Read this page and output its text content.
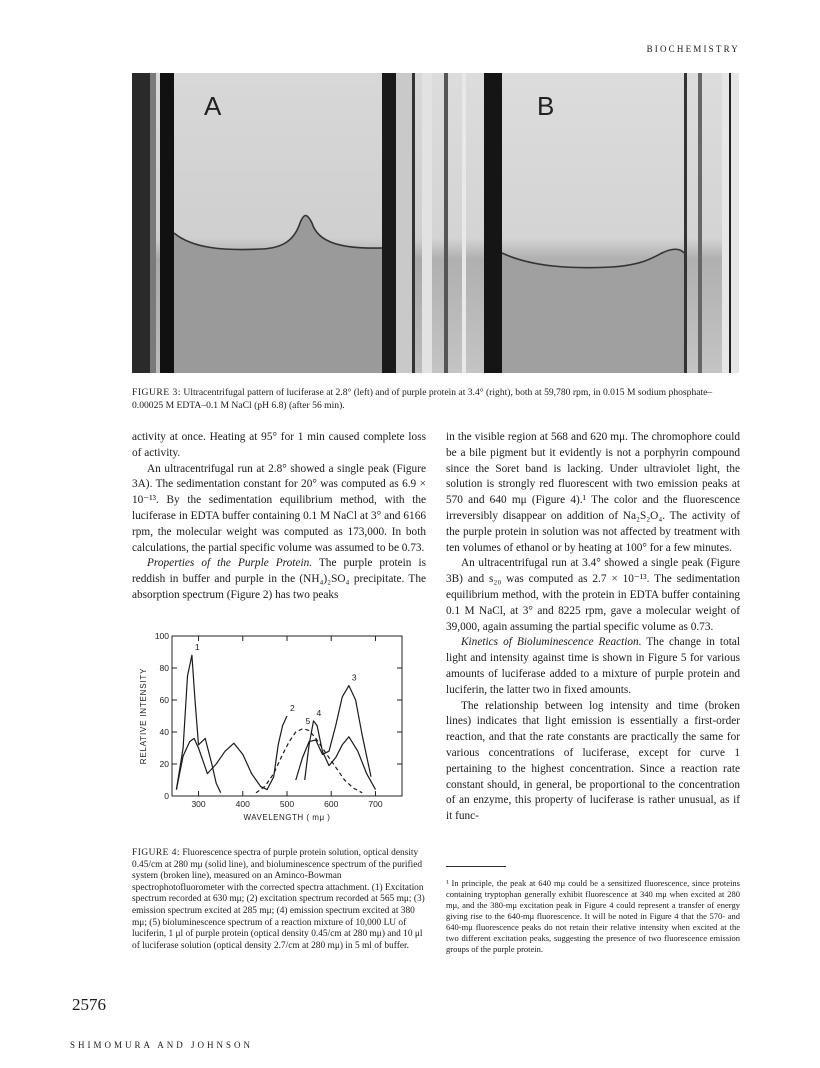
BIOCHEMISTRY
A	B
FIGURE 3: Ultracentrifugal pattern of luciferase at 2.8° (left) and of purple protein at 3.4° (right), both at 59,780 rpm, in 0.015 M sodium phosphate–0.00025 M EDTA–0.1 M NaCl (pH 6.8) (after 56 min).

activity at once. Heating at 95° for 1 min caused complete loss of activity.

An ultracentrifugal run at 2.8° showed a single peak (Figure 3A). The sedimentation constant for 20° was computed as 6.9 × 10⁻¹³. By the sedimentation equilibrium method, with the luciferase in EDTA buffer containing 0.1 M NaCl at 3° and 6166 rpm, the molecular weight was computed as 173,000. In both calculations, the partial specific volume was assumed to be 0.73.

Properties of the Purple Protein. The purple protein is reddish in buffer and purple in the (NH₄)₂SO₄ precipitate. The absorption spectrum (Figure 2) has two peaks

300	400	500	600	700
0
20
40
60
80
100
WAVELENGTH ( mμ )
RELATIVE INTENSITY
1
2
3
4
5
FIGURE 4: Fluorescence spectra of purple protein solution, optical density 0.45/cm at 280 mμ (solid line), and bioluminescence spectrum of the purified system (broken line), measured on an Aminco-Bowman spectrophotofluorometer with the corrected spectra attachment. (1) Excitation spectrum recorded at 630 mμ; (2) excitation spectrum recorded at 565 mμ; (3) emission spectrum excited at 285 mμ; (4) emission spectrum excited at 380 mμ; (5) bioluminescence spectrum of a reaction mixture of 10,000 LU of luciferin, 1 μl of purple protein (optical density 0.45/cm at 280 mμ) and 10 μl of luciferase solution (optical density 2.7/cm at 280 mμ) in 5 ml of buffer.

in the visible region at 568 and 620 mμ. The chromophore could be a bile pigment but it evidently is not a porphyrin compound since the Soret band is lacking. Under ultraviolet light, the solution is strongly red fluorescent with two emission peaks at 570 and 640 mμ (Figure 4).¹ The color and the fluorescence irreversibly disappear on addition of Na₂S₂O₄. The activity of the purple protein in solution was not affected by treatment with ten volumes of ethanol or by heating at 100° for a few minutes.

An ultracentrifugal run at 3.4° showed a single peak (Figure 3B) and s₂₀ was computed as 2.7 × 10⁻¹³. The sedimentation equilibrium method, with the protein in EDTA buffer containing 0.1 M NaCl, at 3° and 8225 rpm, gave a molecular weight of 39,000, again assuming the partial specific volume as 0.73.

Kinetics of Bioluminescence Reaction. The change in total light and intensity against time is shown in Figure 5 for various amounts of luciferase added to a mixture of purple protein and luciferin, the latter two in fixed amounts.

The relationship between log intensity and time (broken lines) indicates that light emission is essentially a first-order reaction, and that the rate constants are practically the same for various concentrations of luciferase, except for curve 1 pertaining to the highest concentration. Since a reaction rate constant should, in general, be proportional to the concentration of an enzyme, this property of luciferase is rather unusual, as if it func-

¹ In principle, the peak at 640 mμ could be a sensitized fluorescence, since proteins containing tryptophan generally exhibit fluorescence at 340 mμ when excited at 280 mμ, and the 380-mμ excitation peak in Figure 4 could represent a transfer of energy giving rise to the 640-mμ fluorescence. It will be noted in Figure 4 that the 570- and 640-mμ fluorescence peaks do not retain their relative intensity when excited at the two different excitation peaks, suggesting the presence of two fluorescence emission groups of the purple protein.
2576
SHIMOMURA AND JOHNSON
